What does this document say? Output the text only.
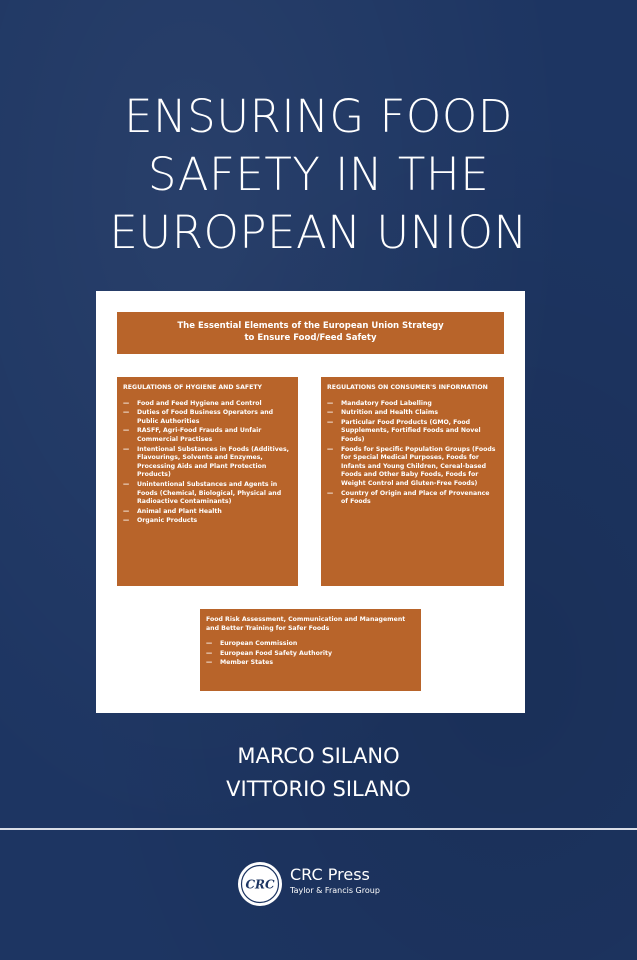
ENSURING FOOD
SAFETY IN THE
EUROPEAN UNION
The Essential Elements of the European Union Strategy
to Ensure Food/Feed Safety
REGULATIONS OF HYGIENE AND SAFETY
— Food and Feed Hygiene and Control
— Duties of Food Business Operators and Public Authorities
— RASFF, Agri-Food Frauds and Unfair Commercial Practises
— Intentional Substances in Foods (Additives, Flavourings, Solvents and Enzymes, Processing Aids and Plant Protection Products)
— Unintentional Substances and Agents in Foods (Chemical, Biological, Physical and Radioactive Contaminants)
— Animal and Plant Health
— Organic Products
REGULATIONS ON CONSUMER'S INFORMATION
— Mandatory Food Labelling
— Nutrition and Health Claims
— Particular Food Products (GMO, Food Supplements, Fortified Foods and Novel Foods)
— Foods for Specific Population Groups (Foods for Special Medical Purposes, Foods for Infants and Young Children, Cereal-based Foods and Other Baby Foods, Foods for Weight Control and Gluten-Free Foods)
— Country of Origin and Place of Provenance of Foods
Food Risk Assessment, Communication and Management and Better Training for Safer Foods
— European Commission
— European Food Safety Authority
— Member States
MARCO SILANO
VITTORIO SILANO
CRC
CRC Press
Taylor & Francis Group
